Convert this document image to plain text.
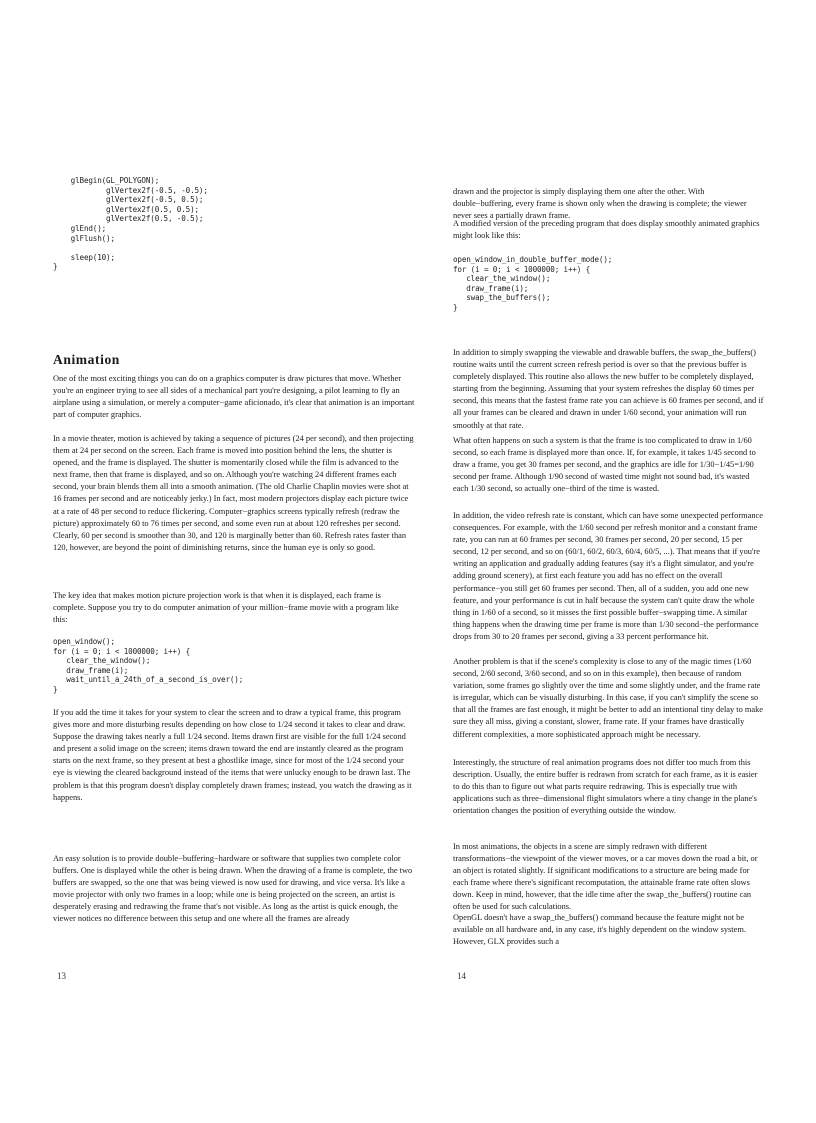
glBegin(GL_POLYGON);
glVertex2f(-0.5, -0.5);
glVertex2f(-0.5, 0.5);
glVertex2f(0.5, 0.5);
glVertex2f(0.5, -0.5);
glEnd();
glFlush();

sleep(10);
}
Animation

One of the most exciting things you can do on a graphics computer is draw pictures that move. Whether you're an engineer trying to see all sides of a mechanical part you're designing, a pilot learning to fly an airplane using a simulation, or merely a computer−game aficionado, it's clear that animation is an important part of computer graphics.

In a movie theater, motion is achieved by taking a sequence of pictures (24 per second), and then projecting them at 24 per second on the screen. Each frame is moved into position behind the lens, the shutter is opened, and the frame is displayed. The shutter is momentarily closed while the film is advanced to the next frame, then that frame is displayed, and so on. Although you're watching 24 different frames each second, your brain blends them all into a smooth animation. (The old Charlie Chaplin movies were shot at 16 frames per second and are noticeably jerky.) In fact, most modern projectors display each picture twice at a rate of 48 per second to reduce flickering. Computer−graphics screens typically refresh (redraw the picture) approximately 60 to 76 times per second, and some even run at about 120 refreshes per second. Clearly, 60 per second is smoother than 30, and 120 is marginally better than 60. Refresh rates faster than 120, however, are beyond the point of diminishing returns, since the human eye is only so good.

The key idea that makes motion picture projection work is that when it is displayed, each frame is complete. Suppose you try to do computer animation of your million−frame movie with a program like this:

open_window();
for (i = 0; i < 1000000; i++) {
clear_the_window();
draw_frame(i);
wait_until_a_24th_of_a_second_is_over();
}

If you add the time it takes for your system to clear the screen and to draw a typical frame, this program gives more and more disturbing results depending on how close to 1/24 second it takes to clear and draw. Suppose the drawing takes nearly a full 1/24 second. Items drawn first are visible for the full 1/24 second and present a solid image on the screen; items drawn toward the end are instantly cleared as the program starts on the next frame, so they present at best a ghostlike image, since for most of the 1/24 second your eye is viewing the cleared background instead of the items that were unlucky enough to be drawn last. The problem is that this program doesn't display completely drawn frames; instead, you watch the drawing as it happens.

An easy solution is to provide double−buffering−hardware or software that supplies two complete color buffers. One is displayed while the other is being drawn. When the drawing of a frame is complete, the two buffers are swapped, so the one that was being viewed is now used for drawing, and vice versa. It's like a movie projector with only two frames in a loop; while one is being projected on the screen, an artist is desperately erasing and redrawing the frame that's not visible. As long as the artist is quick enough, the viewer notices no difference between this setup and one where all the frames are already

13

drawn and the projector is simply displaying them one after the other. With double−buffering, every frame is shown only when the drawing is complete; the viewer never sees a partially drawn frame.

A modified version of the preceding program that does display smoothly animated graphics might look like this:

open_window_in_double_buffer_mode();
for (i = 0; i < 1000000; i++) {
clear_the_window();
draw_frame(i);
swap_the_buffers();
}

In addition to simply swapping the viewable and drawable buffers, the swap_the_buffers() routine waits until the current screen refresh period is over so that the previous buffer is completely displayed. This routine also allows the new buffer to be completely displayed, starting from the beginning. Assuming that your system refreshes the display 60 times per second, this means that the fastest frame rate you can achieve is 60 frames per second, and if all your frames can be cleared and drawn in under 1/60 second, your animation will run smoothly at that rate.

What often happens on such a system is that the frame is too complicated to draw in 1/60 second, so each frame is displayed more than once. If, for example, it takes 1/45 second to draw a frame, you get 30 frames per second, and the graphics are idle for 1/30−1/45=1/90 second per frame. Although 1/90 second of wasted time might not sound bad, it's wasted each 1/30 second, so actually one−third of the time is wasted.

In addition, the video refresh rate is constant, which can have some unexpected performance consequences. For example, with the 1/60 second per refresh monitor and a constant frame rate, you can run at 60 frames per second, 30 frames per second, 20 per second, 15 per second, 12 per second, and so on (60/1, 60/2, 60/3, 60/4, 60/5, ...). That means that if you're writing an application and gradually adding features (say it's a flight simulator, and you're adding ground scenery), at first each feature you add has no effect on the overall performance−you still get 60 frames per second. Then, all of a sudden, you add one new feature, and your performance is cut in half because the system can't quite draw the whole thing in 1/60 of a second, so it misses the first possible buffer−swapping time. A similar thing happens when the drawing time per frame is more than 1/30 second−the performance drops from 30 to 20 frames per second, giving a 33 percent performance hit.

Another problem is that if the scene's complexity is close to any of the magic times (1/60 second, 2/60 second, 3/60 second, and so on in this example), then because of random variation, some frames go slightly over the time and some slightly under, and the frame rate is irregular, which can be visually disturbing. In this case, if you can't simplify the scene so that all the frames are fast enough, it might be better to add an intentional tiny delay to make sure they all miss, giving a constant, slower, frame rate. If your frames have drastically different complexities, a more sophisticated approach might be necessary.

Interestingly, the structure of real animation programs does not differ too much from this description. Usually, the entire buffer is redrawn from scratch for each frame, as it is easier to do this than to figure out what parts require redrawing. This is especially true with applications such as three−dimensional flight simulators where a tiny change in the plane's orientation changes the position of everything outside the window.

In most animations, the objects in a scene are simply redrawn with different transformations−the viewpoint of the viewer moves, or a car moves down the road a bit, or an object is rotated slightly. If significant modifications to a structure are being made for each frame where there's significant recomputation, the attainable frame rate often slows down. Keep in mind, however, that the idle time after the swap_the_buffers() routine can often be used for such calculations.

OpenGL doesn't have a swap_the_buffers() command because the feature might not be available on all hardware and, in any case, it's highly dependent on the window system. However, GLX provides such a

14
